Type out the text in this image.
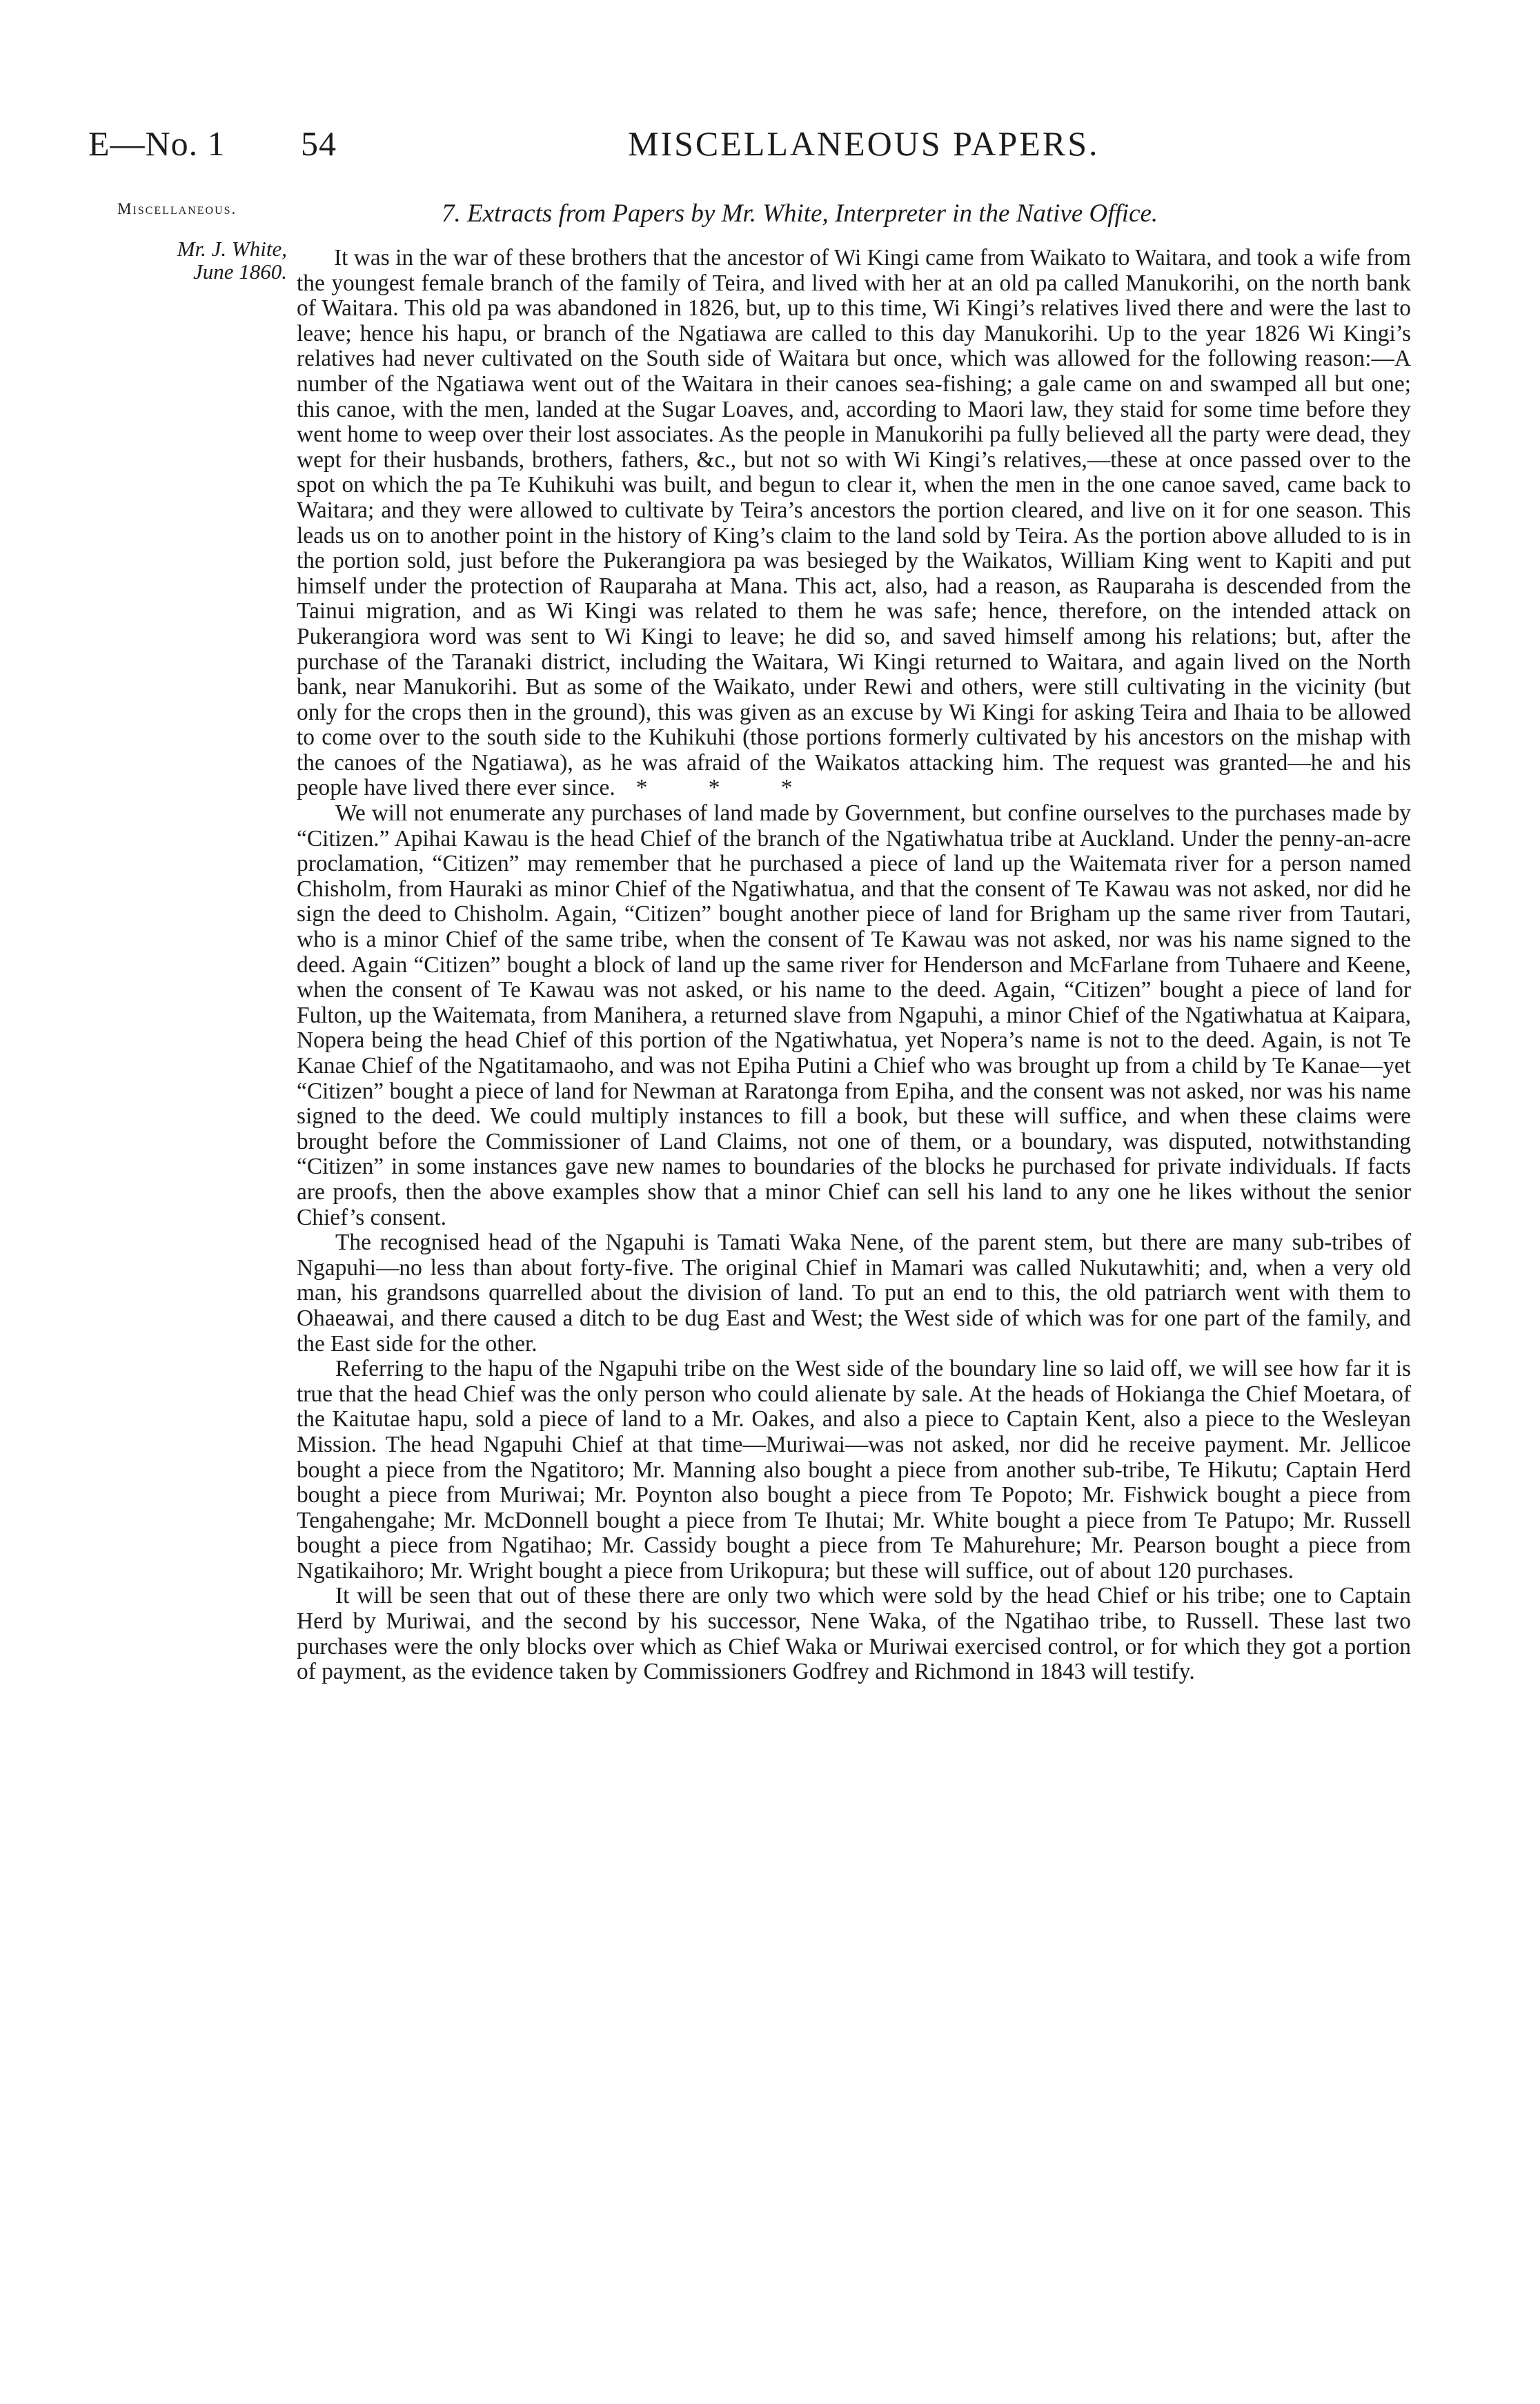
E—No. 1 54	MISCELLANEOUS PAPERS.
Miscellaneous.
Mr. J. White,
June 1860.
7. Extracts from Papers by Mr. White, Interpreter in the Native Office.

It was in the war of these brothers that the ancestor of Wi Kingi came from Waikato to Waitara, and took a wife from the youngest female branch of the family of Teira, and lived with her at an old pa called Manukorihi, on the north bank of Waitara. This old pa was abandoned in 1826, but, up to this time, Wi Kingi’s relatives lived there and were the last to leave; hence his hapu, or branch of the Ngatiawa are called to this day Manukorihi. Up to the year 1826 Wi Kingi’s relatives had never cultivated on the South side of Waitara but once, which was allowed for the following reason:—A number of the Ngatiawa went out of the Waitara in their canoes sea-fishing; a gale came on and swamped all but one; this canoe, with the men, landed at the Sugar Loaves, and, according to Maori law, they staid for some time before they went home to weep over their lost associates. As the people in Manukorihi pa fully believed all the party were dead, they wept for their husbands, brothers, fathers, &c., but not so with Wi Kingi’s relatives,—these at once passed over to the spot on which the pa Te Kuhikuhi was built, and begun to clear it, when the men in the one canoe saved, came back to Waitara; and they were allowed to cultivate by Teira’s ancestors the portion cleared, and live on it for one season. This leads us on to another point in the history of King’s claim to the land sold by Teira. As the portion above alluded to is in the portion sold, just before the Pukerangiora pa was besieged by the Waikatos, William King went to Kapiti and put himself under the protection of Rauparaha at Mana. This act, also, had a reason, as Rauparaha is descended from the Tainui migration, and as Wi Kingi was related to them he was safe; hence, therefore, on the intended attack on Pukerangiora word was sent to Wi Kingi to leave; he did so, and saved himself among his relations; but, after the purchase of the Taranaki district, including the Waitara, Wi Kingi returned to Waitara, and again lived on the North bank, near Manukorihi. But as some of the Waikato, under Rewi and others, were still cultivating in the vicinity (but only for the crops then in the ground), this was given as an excuse by Wi Kingi for asking Teira and Ihaia to be allowed to come over to the south side to the Kuhikuhi (those portions formerly cultivated by his ancestors on the mishap with the canoes of the Ngatiawa), as he was afraid of the Waikatos attacking him. The request was granted—he and his people have lived there ever since. * * *

We will not enumerate any purchases of land made by Government, but confine ourselves to the purchases made by “Citizen.” Apihai Kawau is the head Chief of the branch of the Ngatiwhatua tribe at Auckland. Under the penny-an-acre proclamation, “Citizen” may remember that he purchased a piece of land up the Waitemata river for a person named Chisholm, from Hauraki as minor Chief of the Ngatiwhatua, and that the consent of Te Kawau was not asked, nor did he sign the deed to Chisholm. Again, “Citizen” bought another piece of land for Brigham up the same river from Tautari, who is a minor Chief of the same tribe, when the consent of Te Kawau was not asked, nor was his name signed to the deed. Again “Citizen” bought a block of land up the same river for Henderson and McFarlane from Tuhaere and Keene, when the consent of Te Kawau was not asked, or his name to the deed. Again, “Citizen” bought a piece of land for Fulton, up the Waitemata, from Manihera, a returned slave from Ngapuhi, a minor Chief of the Ngatiwhatua at Kaipara, Nopera being the head Chief of this portion of the Ngatiwhatua, yet Nopera’s name is not to the deed. Again, is not Te Kanae Chief of the Ngatitamaoho, and was not Epiha Putini a Chief who was brought up from a child by Te Kanae—yet “Citizen” bought a piece of land for Newman at Raratonga from Epiha, and the consent was not asked, nor was his name signed to the deed. We could multiply instances to fill a book, but these will suffice, and when these claims were brought before the Commissioner of Land Claims, not one of them, or a boundary, was disputed, notwithstanding “Citizen” in some instances gave new names to boundaries of the blocks he purchased for private individuals. If facts are proofs, then the above examples show that a minor Chief can sell his land to any one he likes without the senior Chief’s consent.

The recognised head of the Ngapuhi is Tamati Waka Nene, of the parent stem, but there are many sub-tribes of Ngapuhi—no less than about forty-five. The original Chief in Mamari was called Nukutawhiti; and, when a very old man, his grandsons quarrelled about the division of land. To put an end to this, the old patriarch went with them to Ohaeawai, and there caused a ditch to be dug East and West; the West side of which was for one part of the family, and the East side for the other.

Referring to the hapu of the Ngapuhi tribe on the West side of the boundary line so laid off, we will see how far it is true that the head Chief was the only person who could alienate by sale. At the heads of Hokianga the Chief Moetara, of the Kaitutae hapu, sold a piece of land to a Mr. Oakes, and also a piece to Captain Kent, also a piece to the Wesleyan Mission. The head Ngapuhi Chief at that time—Muriwai—was not asked, nor did he receive payment. Mr. Jellicoe bought a piece from the Ngatitoro; Mr. Manning also bought a piece from another sub-tribe, Te Hikutu; Captain Herd bought a piece from Muriwai; Mr. Poynton also bought a piece from Te Popoto; Mr. Fishwick bought a piece from Tengahengahe; Mr. McDonnell bought a piece from Te Ihutai; Mr. White bought a piece from Te Patupo; Mr. Russell bought a piece from Ngatihao; Mr. Cassidy bought a piece from Te Mahurehure; Mr. Pearson bought a piece from Ngatikaihoro; Mr. Wright bought a piece from Urikopura; but these will suffice, out of about 120 purchases.

It will be seen that out of these there are only two which were sold by the head Chief or his tribe; one to Captain Herd by Muriwai, and the second by his successor, Nene Waka, of the Ngatihao tribe, to Russell. These last two purchases were the only blocks over which as Chief Waka or Muriwai exercised control, or for which they got a portion of payment, as the evidence taken by Commissioners Godfrey and Richmond in 1843 will testify.
